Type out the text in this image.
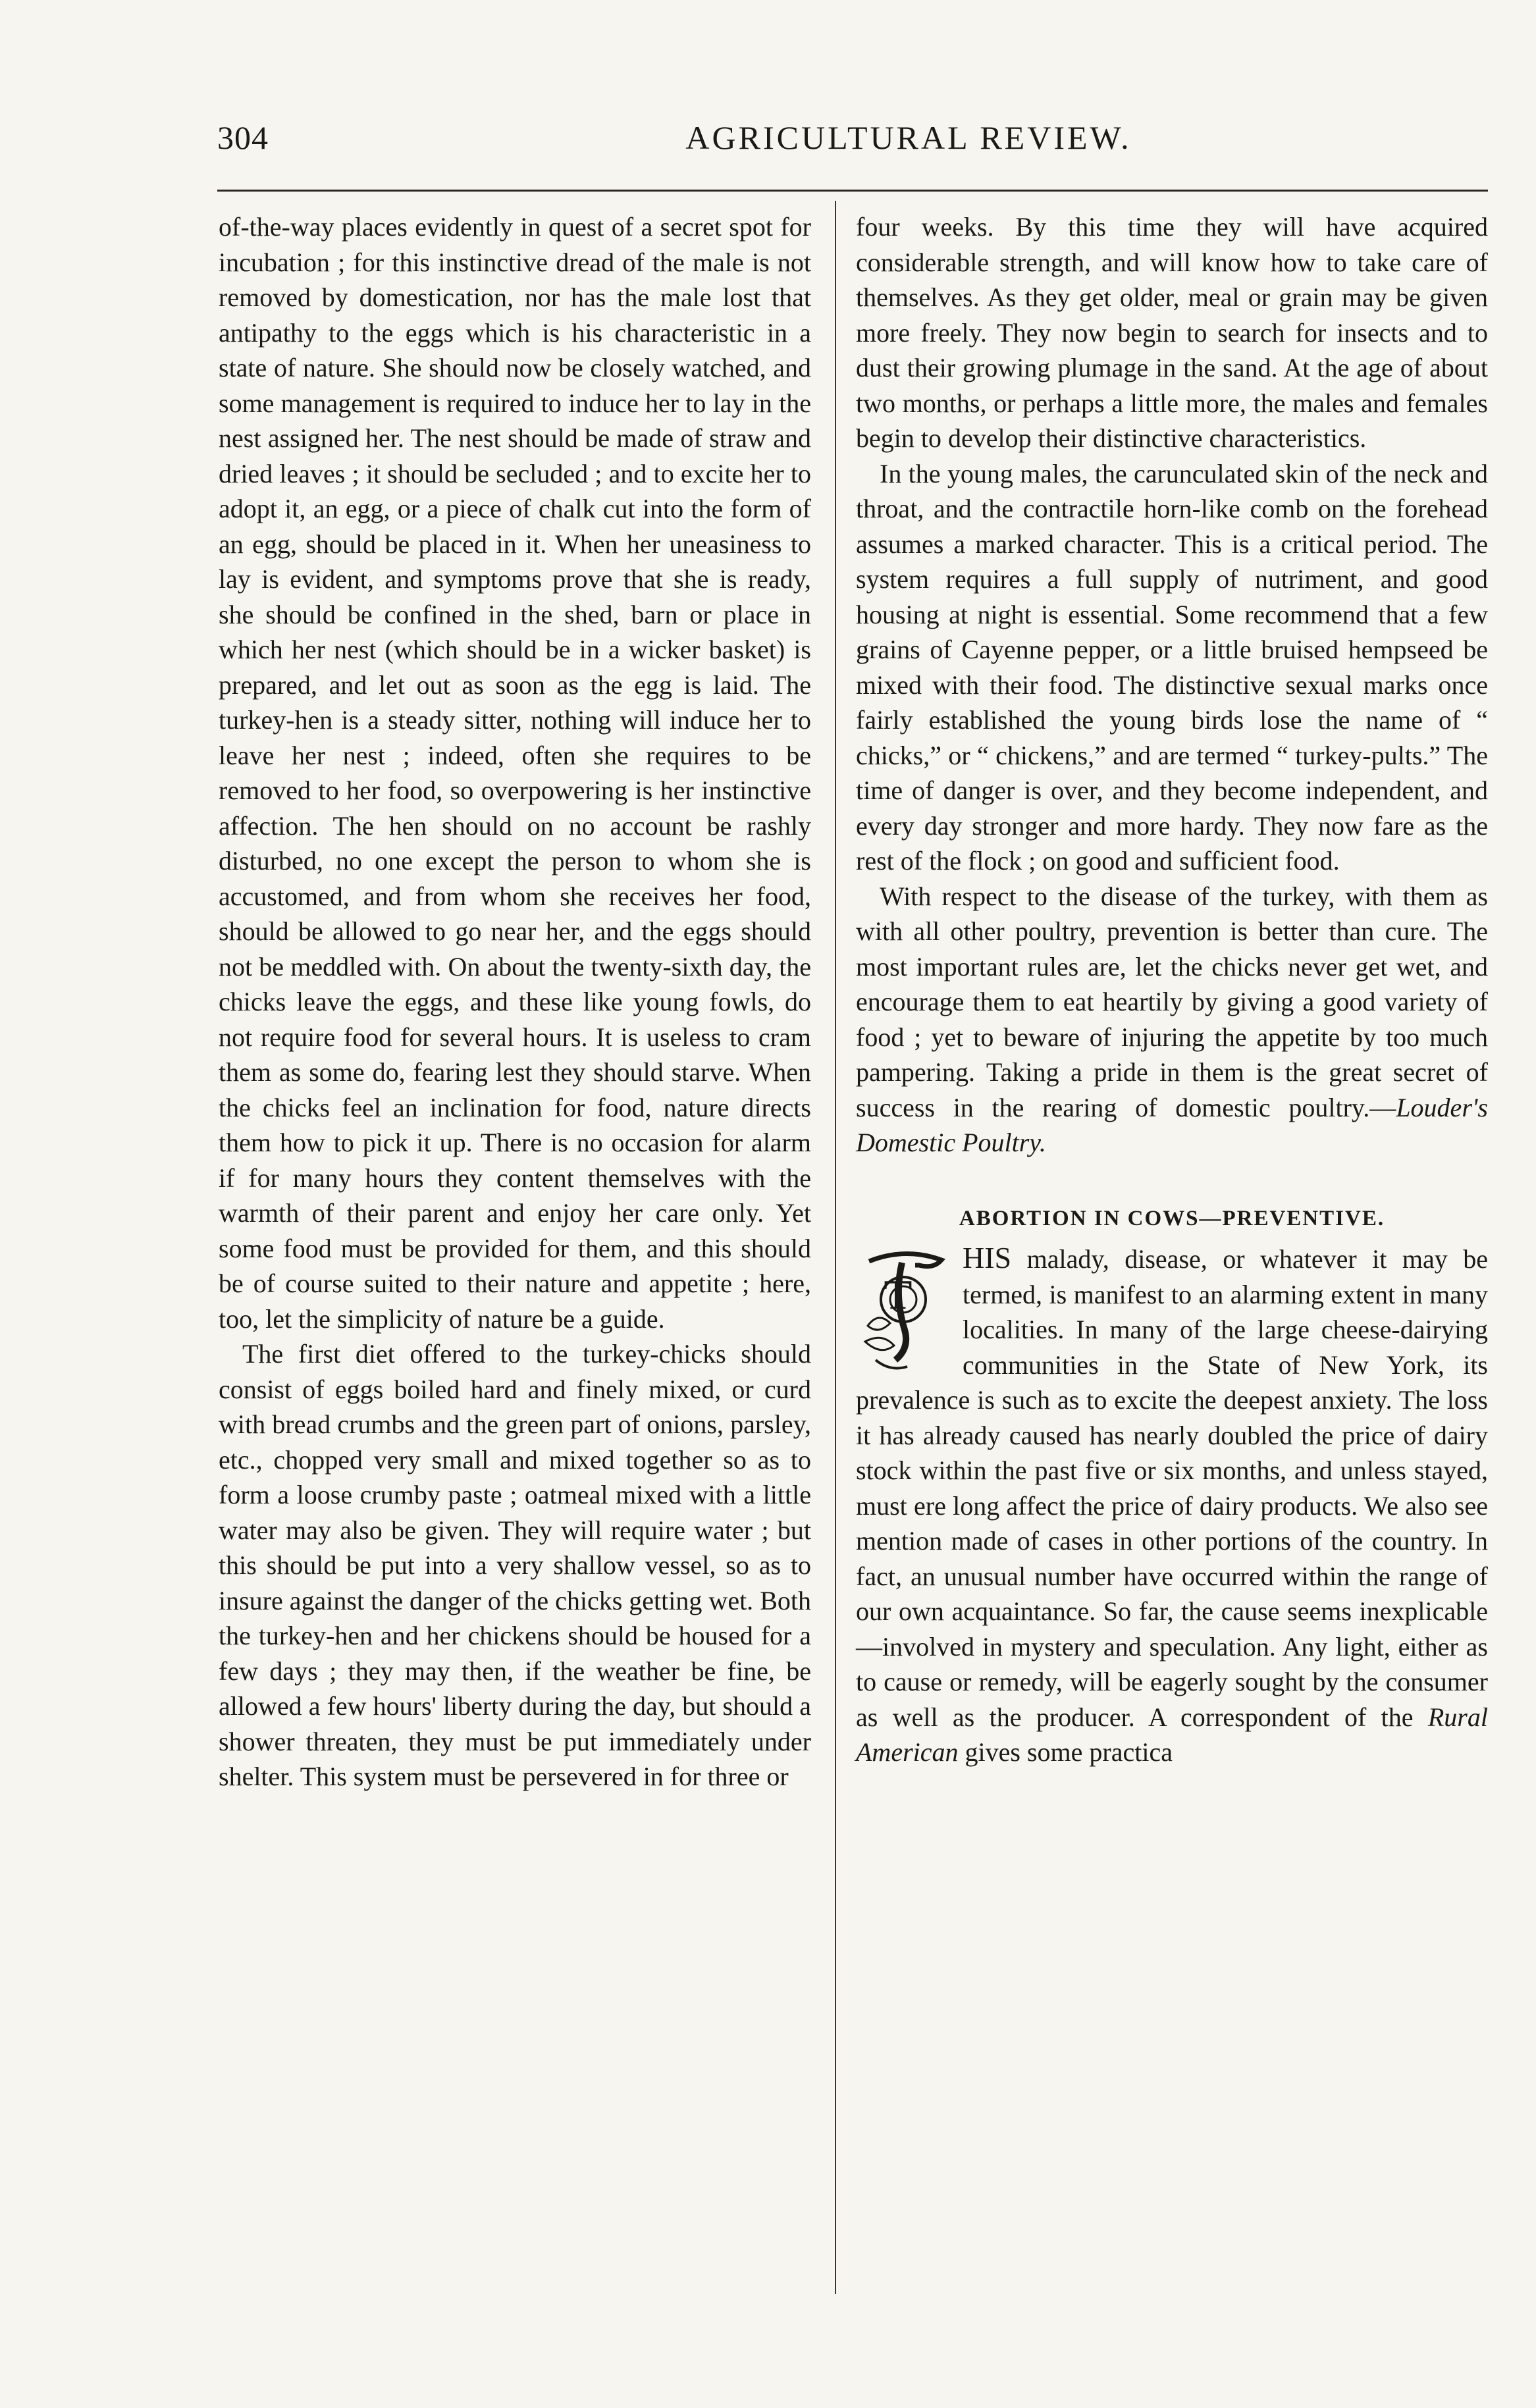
304	AGRICULTURAL REVIEW.

of-the-way places evidently in quest of a secret spot for incubation ; for this instinctive dread of the male is not removed by domestication, nor has the male lost that antipathy to the eggs which is his characteristic in a state of nature. She should now be closely watched, and some management is required to induce her to lay in the nest assigned her. The nest should be made of straw and dried leaves ; it should be secluded ; and to excite her to adopt it, an egg, or a piece of chalk cut into the form of an egg, should be placed in it. When her uneasiness to lay is evident, and symptoms prove that she is ready, she should be confined in the shed, barn or place in which her nest (which should be in a wicker basket) is prepared, and let out as soon as the egg is laid. The turkey-hen is a steady sitter, nothing will induce her to leave her nest ; indeed, often she requires to be removed to her food, so overpowering is her instinctive affection. The hen should on no account be rashly disturbed, no one except the person to whom she is accustomed, and from whom she receives her food, should be allowed to go near her, and the eggs should not be meddled with. On about the twenty-sixth day, the chicks leave the eggs, and these like young fowls, do not require food for several hours. It is useless to cram them as some do, fearing lest they should starve. When the chicks feel an inclination for food, nature directs them how to pick it up. There is no occasion for alarm if for many hours they content themselves with the warmth of their parent and enjoy her care only. Yet some food must be provided for them, and this should be of course suited to their nature and appetite ; here, too, let the simplicity of nature be a guide.

The first diet offered to the turkey-chicks should consist of eggs boiled hard and finely mixed, or curd with bread crumbs and the green part of onions, parsley, etc., chopped very small and mixed together so as to form a loose crumby paste ; oatmeal mixed with a little water may also be given. They will require water ; but this should be put into a very shallow vessel, so as to insure against the danger of the chicks getting wet. Both the turkey-hen and her chickens should be housed for a few days ; they may then, if the weather be fine, be allowed a few hours' liberty during the day, but should a shower threaten, they must be put immediately under shelter. This system must be persevered in for three or

four weeks. By this time they will have acquired considerable strength, and will know how to take care of themselves. As they get older, meal or grain may be given more freely. They now begin to search for insects and to dust their growing plumage in the sand. At the age of about two months, or perhaps a little more, the males and females begin to develop their distinctive characteristics.

In the young males, the carunculated skin of the neck and throat, and the contractile horn-like comb on the forehead assumes a marked character. This is a critical period. The system requires a full supply of nutriment, and good housing at night is essential. Some recommend that a few grains of Cayenne pepper, or a little bruised hempseed be mixed with their food. The distinctive sexual marks once fairly established the young birds lose the name of “ chicks,” or “ chickens,” and are termed “ turkey-pults.” The time of danger is over, and they become independent, and every day stronger and more hardy. They now fare as the rest of the flock ; on good and sufficient food.

With respect to the disease of the turkey, with them as with all other poultry, prevention is better than cure. The most important rules are, let the chicks never get wet, and encourage them to eat heartily by giving a good variety of food ; yet to beware of injuring the appetite by too much pampering. Taking a pride in them is the great secret of success in the rearing of domestic poultry.—Louder's Domestic Poultry.

ABORTION IN COWS—PREVENTIVE.
T

HIS malady, disease, or whatever it may be termed, is manifest to an alarming extent in many localities. In many of the large cheese-dairying communities in the State of New York, its prevalence is such as to excite the deepest anxiety. The loss it has already caused has nearly doubled the price of dairy stock within the past five or six months, and unless stayed, must ere long affect the price of dairy products. We also see mention made of cases in other portions of the country. In fact, an unusual number have occurred within the range of our own acquaintance. So far, the cause seems inexplicable—involved in mystery and speculation. Any light, either as to cause or remedy, will be eagerly sought by the consumer as well as the producer. A correspondent of the Rural American gives some practica
